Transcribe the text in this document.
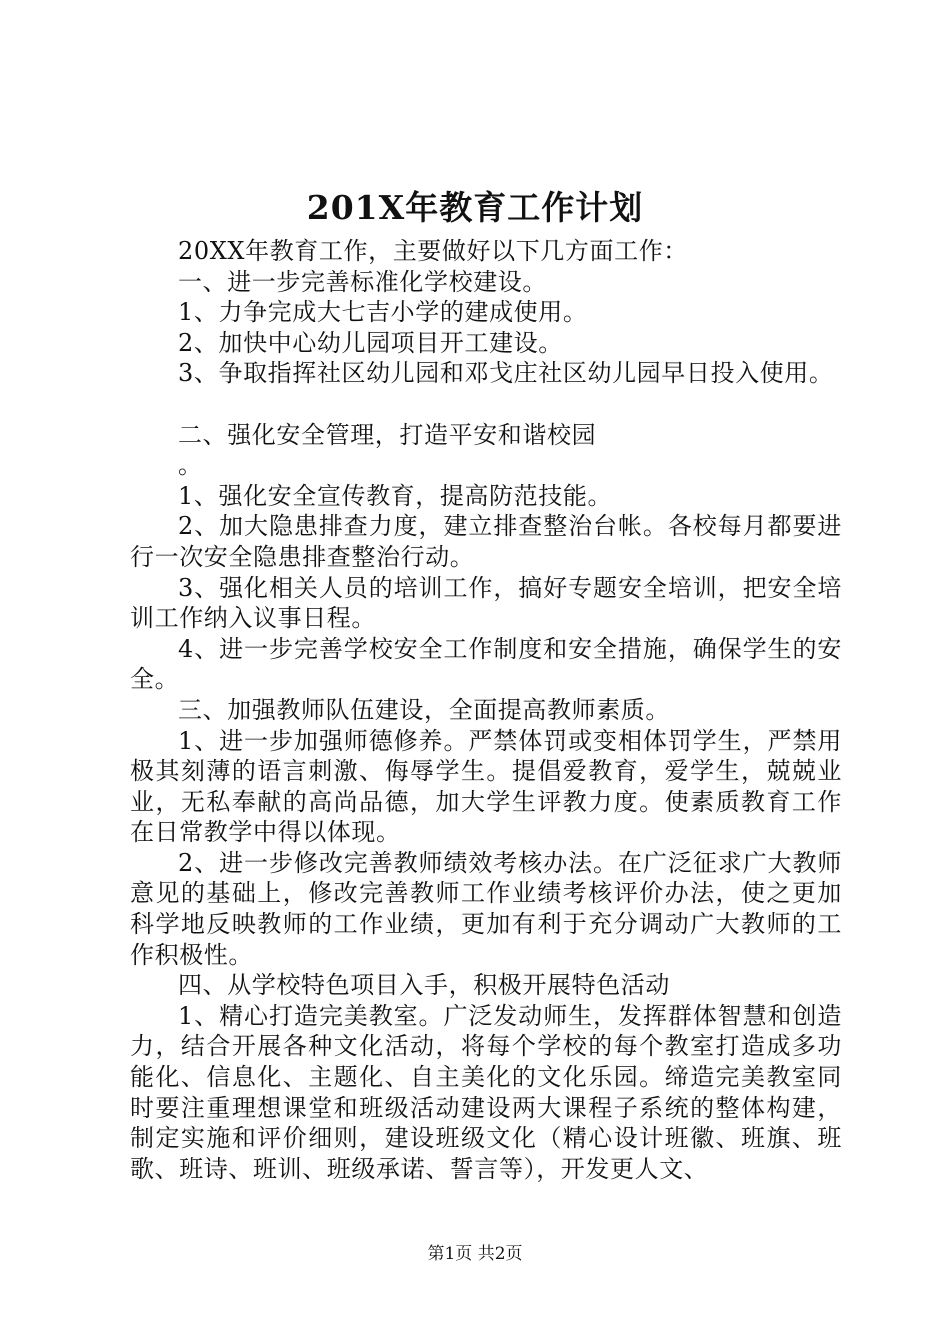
201X年教育工作计划

20XX年教育工作，主要做好以下几方面工作：

一、进一步完善标准化学校建设。

1、力争完成大七吉小学的建成使用。

2、加快中心幼儿园项目开工建设。

3、争取指挥社区幼儿园和邓戈庄社区幼儿园早日投入使用。

二、强化安全管理，打造平安和谐校园

。

1、强化安全宣传教育，提高防范技能。

2、加大隐患排查力度，建立排查整治台帐。各校每月都要进行一次安全隐患排查整治行动。

3、强化相关人员的培训工作，搞好专题安全培训，把安全培训工作纳入议事日程。

4、进一步完善学校安全工作制度和安全措施，确保学生的安全。

三、加强教师队伍建设，全面提高教师素质。

1、进一步加强师德修养。严禁体罚或变相体罚学生，严禁用极其刻薄的语言刺激、侮辱学生。提倡爱教育，爱学生，兢兢业业，无私奉献的高尚品德，加大学生评教力度。使素质教育工作在日常教学中得以体现。

2、进一步修改完善教师绩效考核办法。在广泛征求广大教师意见的基础上，修改完善教师工作业绩考核评价办法，使之更加科学地反映教师的工作业绩，更加有利于充分调动广大教师的工作积极性。

四、从学校特色项目入手，积极开展特色活动

1、精心打造完美教室。广泛发动师生，发挥群体智慧和创造力，结合开展各种文化活动，将每个学校的每个教室打造成多功能化、信息化、主题化、自主美化的文化乐园。缔造完美教室同时要注重理想课堂和班级活动建设两大课程子系统的整体构建，制定实施和评价细则，建设班级文化（精心设计班徽、班旗、班歌、班诗、班训、班级承诺、誓言等），开发更人文、

第1页 共2页
